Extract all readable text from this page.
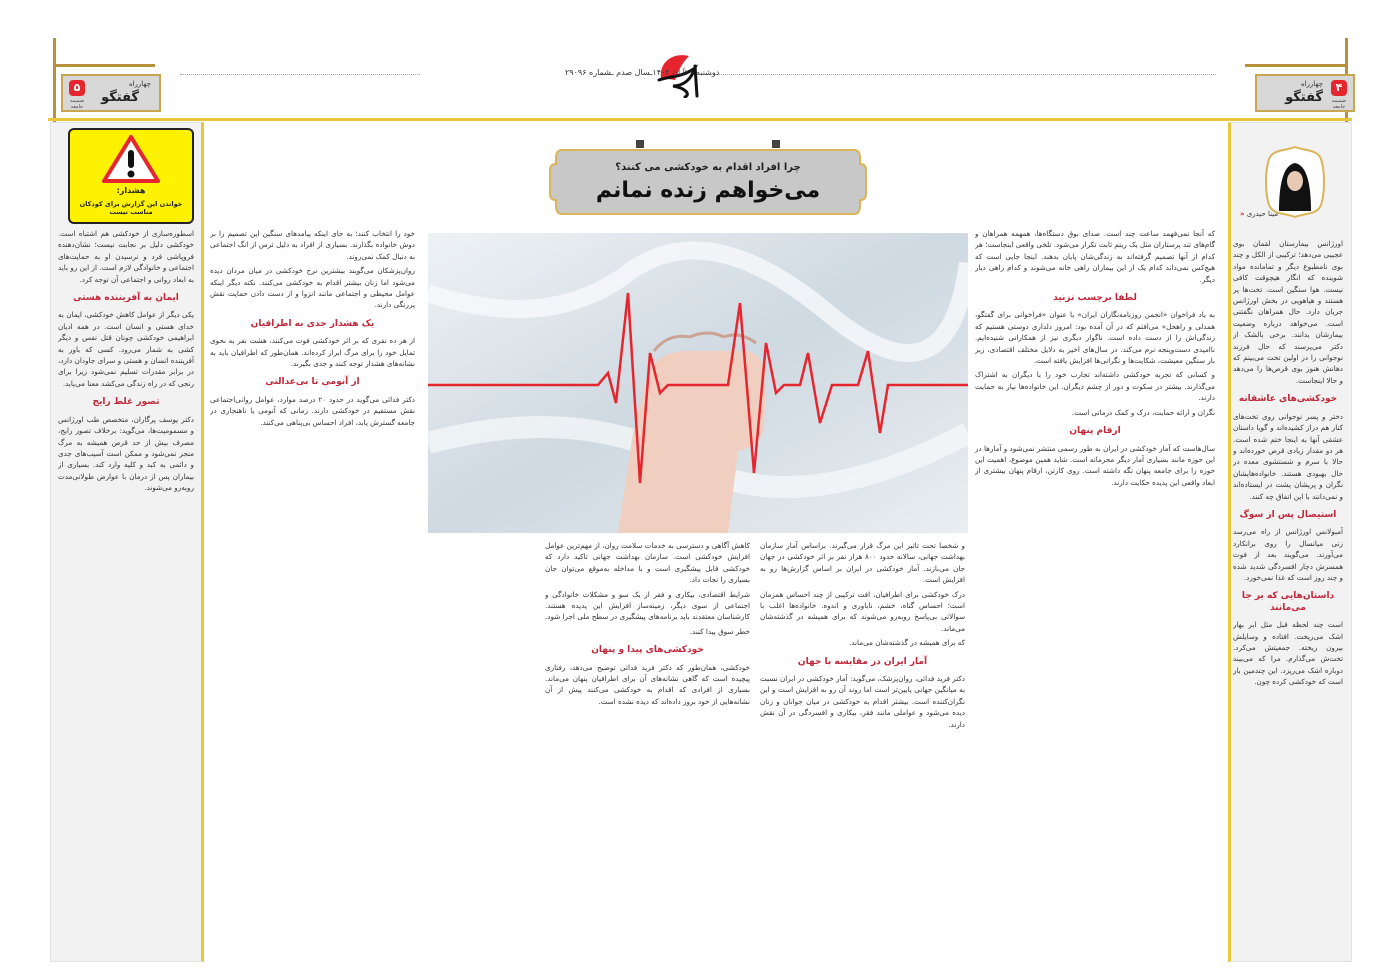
۴
ضمیمه جامعه
چهارراه
گفتگو
۵
ضمیمه جامعه
چهارراه
گفتگو
دوشنبه ۲۶آبان ۱۴۰۲ـسال صدم ـشماره ۲۹۰۹۶
مینا حیدری «
هشدار:
خواندن این گزارش برای کودکان مناسب نیست
چرا افراد اقدام به خودکشی می کنند؟
می‌خواهم زنده نمانم

اورژانس بیمارستان لقمان بوی عجیبی می‌دهد؛ ترکیبی از الکل و چند بوی نامطبوع دیگر و تمامانده مواد شوینده که انگار هیچوقت کافی نیست. هوا سنگین است. تخت‌ها پر هستند و هیاهویی در بخش اورژانس جریان دارد. حال همراهان نگفتنی است. می‌خواهد درباره وضعیت بیمارشان بدانند. برخی بالشک از دکتر می‌پرسند که حال فرزند نوجوانی را در اولین تخت می‌بینم که دهانش هنوز بوی قرص‌ها را می‌دهد و حالا اینجاست.

خودکشی‌های عاشقانه

دختر و پسر نوجوانی روی تخت‌های کنار هم دراز کشیده‌اند و گویا داستان عشقی آنها به اینجا ختم شده است. هر دو مقدار زیادی قرص خورده‌اند و حالا با سرم و شستشوی معده در حال بهبودی هستند. خانواده‌هایشان نگران و پریشان پشت در ایستاده‌اند و نمی‌دانند با این اتفاق چه کنند.

استیصال پس از سوگ

آمبولانس اورژانس از راه می‌رسد زنی میانسال را روی برانکارد می‌آورند. می‌گویند بعد از فوت همسرش دچار افسردگی شدید شده و چند روز است که غذا نمی‌خورد.

داستان‌هایی که بر جا می‌مانند

است چند لحظه قبل مثل ابر بهار اشک می‌ریخت. افتاده و وسایلش بیرون ریخته. جمعیتش می‌کرد. تخت‌ش می‌گذارم. مرا که می‌بیند دوباره اشک می‌ریزد. این چندمین بار است که خودکشی کرده چون.

که آنجا نمی‌فهمد ساعت چند است. صدای بوق دستگاه‌ها، همهمه همراهان و گام‌های تند پرستاران مثل یک ریتم ثابت تکرار می‌شود. تلخی واقعی اینجاست؛ هر کدام از آنها تصمیم گرفته‌اند به زندگی‌شان پایان بدهند. اینجا جایی است که هیچ‌کس نمی‌داند کدام یک از این بیماران راهی خانه می‌شوند و کدام راهی دیار دیگر.

لطفا برچسب نزنید

به یاد فراخوان «انجمن روزنامه‌نگاران ایران» با عنوان «فراخوانی برای گفتگو، همدلی و راهحل» می‌افتم که در آن آمده بود: امروز دلداری دوستی هستیم که زندگی‌اش را از دست داده است. ناگوار دیگری نیز از همکارانی شنیده‌ایم. ناامیدی دست‌وپنجه نرم می‌کند. در سال‌های اخیر به دلایل مختلف اقتصادی، زیر بار سنگین معیشت، شکایت‌ها و نگرانی‌ها افزایش یافته است.

و کسانی که تجربه خودکشی داشته‌اند تجارب خود را با دیگران به اشتراک می‌گذارند. بیشتر در سکوت و دور از چشم دیگران. این خانواده‌ها نیاز به حمایت دارند.

نگران و ارائه حمایت، درک و کمک درمانی است.

ارقام پنهان

سال‌هاست که آمار خودکشی در ایران به طور رسمی منتشر نمی‌شود و آمارها در این حوزه مانند بسیاری آمار دیگر محرمانه است. شاید همین موضوع، اهمیت این حوزه را برای جامعه پنهان نگه داشته است. روی کارتن، ارقام پنهان بیشتری از ابعاد واقعی این پدیده حکایت دارند.

و شخصا تحت تاثیر این مرگ قرار می‌گیرند. براساس آمار سازمان بهداشت جهانی، سالانه حدود ۸۰۰ هزار نفر بر اثر خودکشی در جهان جان می‌بازند. آمار خودکشی در ایران بر اساس گزارش‌ها رو به افزایش است.

درک خودکشی برای اطرافیان، افت ترکیبی از چند احساس همزمان است؛ احساس گناه، خشم، ناباوری و اندوه. خانواده‌ها اغلب با سوالاتی بی‌پاسخ روبه‌رو می‌شوند که برای همیشه در گذشته‌شان می‌ماند.

که برای همیشه در گذشته‌شان می‌ماند.

آمار ایران در مقایسه با جهان

دکتر فرید فدائی، روان‌پزشک، می‌گوید: آمار خودکشی در ایران نسبت به میانگین جهانی پایین‌تر است اما روند آن رو به افزایش است و این نگران‌کننده است. بیشتر اقدام به خودکشی در میان جوانان و زنان دیده می‌شود و عواملی مانند فقر، بیکاری و افسردگی در آن نقش دارند.

کاهش آگاهی و دسترسی به خدمات سلامت روان، از مهم‌ترین عوامل افزایش خودکشی است. سازمان بهداشت جهانی تاکید دارد که خودکشی قابل پیشگیری است و با مداخله به‌موقع می‌توان جان بسیاری را نجات داد.

شرایط اقتصادی، بیکاری و فقر از یک سو و مشکلات خانوادگی و اجتماعی از سوی دیگر، زمینه‌ساز افزایش این پدیده هستند. کارشناسان معتقدند باید برنامه‌های پیشگیری در سطح ملی اجرا شود.

خطر سوق پیدا کنند.

خودکشی‌های پیدا و پنهان

خودکشی، همان‌طور که دکتر فرید فدائی توضیح می‌دهد، رفتاری پیچیده است که گاهی نشانه‌های آن برای اطرافیان پنهان می‌ماند. بسیاری از افرادی که اقدام به خودکشی می‌کنند پیش از آن نشانه‌هایی از خود بروز داده‌اند که دیده نشده است.

خود را انتخاب کنند؛ به جای اینکه پیامدهای سنگین این تصمیم را بر دوش خانواده بگذارند. بسیاری از افراد به دلیل ترس از انگ اجتماعی به دنبال کمک نمی‌روند.

روان‌پزشکان می‌گویند بیشترین نرخ خودکشی در میان مردان دیده می‌شود اما زنان بیشتر اقدام به خودکشی می‌کنند. نکته دیگر اینکه عوامل محیطی و اجتماعی مانند انزوا و از دست دادن حمایت نقش پررنگی دارند.

یک هشدار جدی به اطرافیان

از هر ده نفری که بر اثر خودکشی فوت می‌کنند، هشت نفر به نحوی تمایل خود را برای مرگ ابراز کرده‌اند. همان‌طور که اطرافیان باید به نشانه‌های هشدار توجه کنند و جدی بگیرند.

از آنومی تا بی‌عدالتی

دکتر فدائی می‌گوید در حدود ۲۰ درصد موارد، عوامل روانی‌اجتماعی نقش مستقیم در خودکشی دارند. زمانی که آنومی یا ناهنجاری در جامعه گسترش یابد، افراد احساس بی‌پناهی می‌کنند.

اسطوره‌سازی از خودکشی هم اشتباه است. خودکشی دلیل بر نجابت نیست؛ نشان‌دهنده فروپاشی فرد و نرسیدن او به حمایت‌های اجتماعی و خانوادگی لازم است. از این رو باید به ابعاد روانی و اجتماعی آن توجه کرد.

ایمان به آفریننده هستی

یکی دیگر از عوامل کاهش خودکشی، ایمان به خدای هستی و انسان است. در همه ادیان ابراهیمی خودکشی چونان قتل نفس و دیگر کشی به شمار می‌رود. کسی که باور به آفریننده انسان و هستی و سرای جاودان دارد، در برابر مقدرات تسلیم نمی‌شود زیرا برای رنجی که در راه زندگی می‌کشد معنا می‌یابد.

تصور غلط رایج

دکتر یوسف‌ پرگاران، متخصص طب اورژانس و مسمومیت‌ها، می‌گوید: برخلاف تصور رایج، مصرف بیش از حد قرص همیشه به مرگ منجر نمی‌شود و ممکن است آسیب‌های جدی و دائمی به کبد و کلیه وارد کند. بسیاری از بیماران پس از درمان با عوارض طولانی‌مدت روبه‌رو می‌شوند.
